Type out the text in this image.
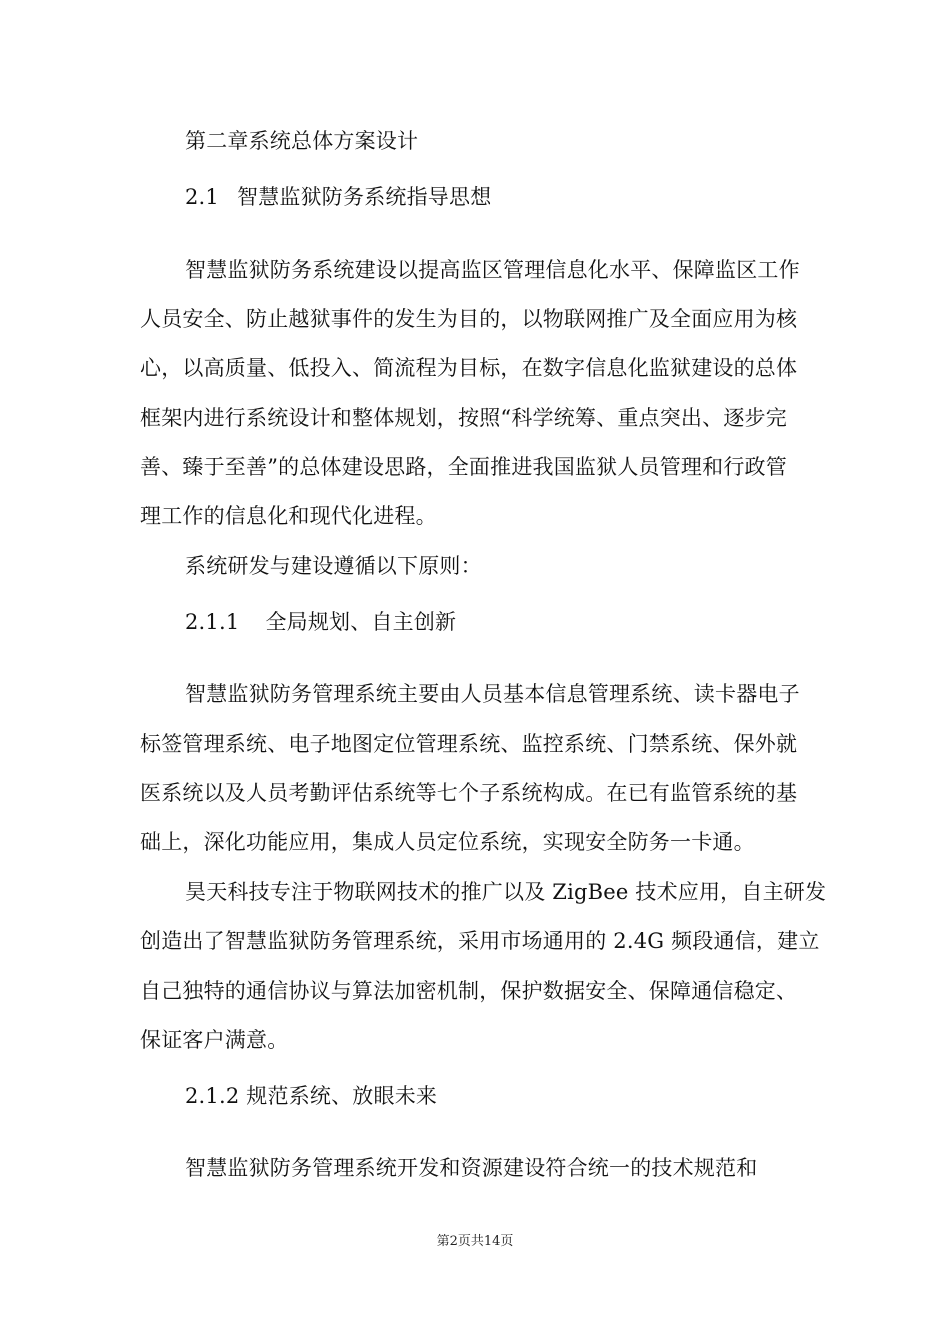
第二章系统总体方案设计
2.1 智慧监狱防务系统指导思想
智慧监狱防务系统建设以提高监区管理信息化水平、保障监区工作
人员安全、防止越狱事件的发生为目的，以物联网推广及全面应用为核
心，以高质量、低投入、简流程为目标，在数字信息化监狱建设的总体
框架内进行系统设计和整体规划，按照“科学统筹、重点突出、逐步完
善、臻于至善”的总体建设思路，全面推进我国监狱人员管理和行政管
理工作的信息化和现代化进程。
系统研发与建设遵循以下原则：
2.1.1 全局规划、自主创新
智慧监狱防务管理系统主要由人员基本信息管理系统、读卡器电子
标签管理系统、电子地图定位管理系统、监控系统、门禁系统、保外就
医系统以及人员考勤评估系统等七个子系统构成。在已有监管系统的基
础上，深化功能应用，集成人员定位系统，实现安全防务一卡通。
昊天科技专注于物联网技术的推广以及 ZigBee 技术应用，自主研发
创造出了智慧监狱防务管理系统，采用市场通用的 2.4G 频段通信，建立
自己独特的通信协议与算法加密机制，保护数据安全、保障通信稳定、
保证客户满意。
2.1.2 规范系统、放眼未来
智慧监狱防务管理系统开发和资源建设符合统一的技术规范和
第2页共14页
